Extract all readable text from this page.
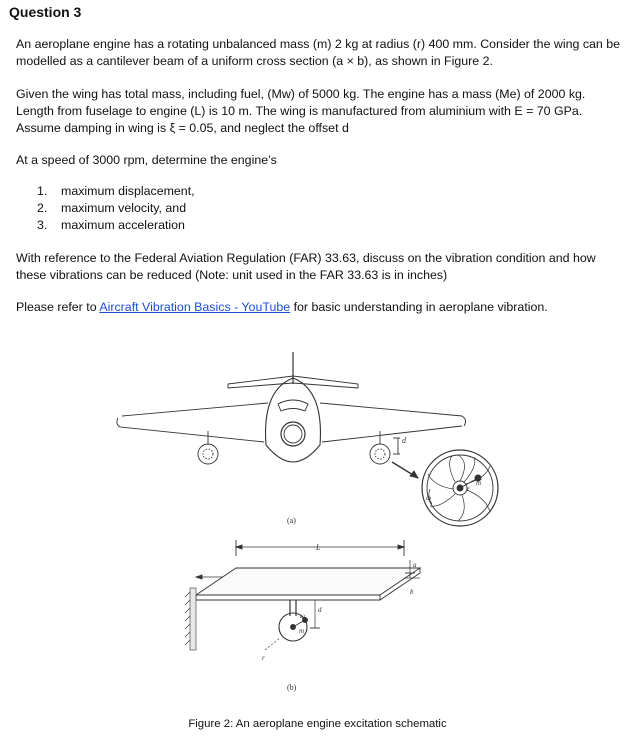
Question 3

An aeroplane engine has a rotating unbalanced mass (m) 2 kg at radius (r) 400 mm. Consider the wing can be modelled as a cantilever beam of a uniform cross section (a × b), as shown in Figure 2.

Given the wing has total mass, including fuel, (Mw) of 5000 kg. The engine has a mass (Me) of 2000 kg. Length from fuselage to engine (L) is 10 m. The wing is manufactured from aluminium with E = 70 GPa. Assume damping in wing is ξ = 0.05, and neglect the offset d

At a speed of 3000 rpm, determine the engine’s

1.	maximum displacement,
2.	maximum velocity, and
3.	maximum acceleration

With reference to the Federal Aviation Regulation (FAR) 33.63, discuss on the vibration condition and how these vibrations can be reduced (Note: unit used in the FAR 33.63 is in inches)

Please refer to Aircraft Vibration Basics - YouTube for basic understanding in aeroplane vibration.

d
r
m
ω
(a)
L
a
b
d
m
ω
r
(b)
Figure 2: An aeroplane engine excitation schematic
